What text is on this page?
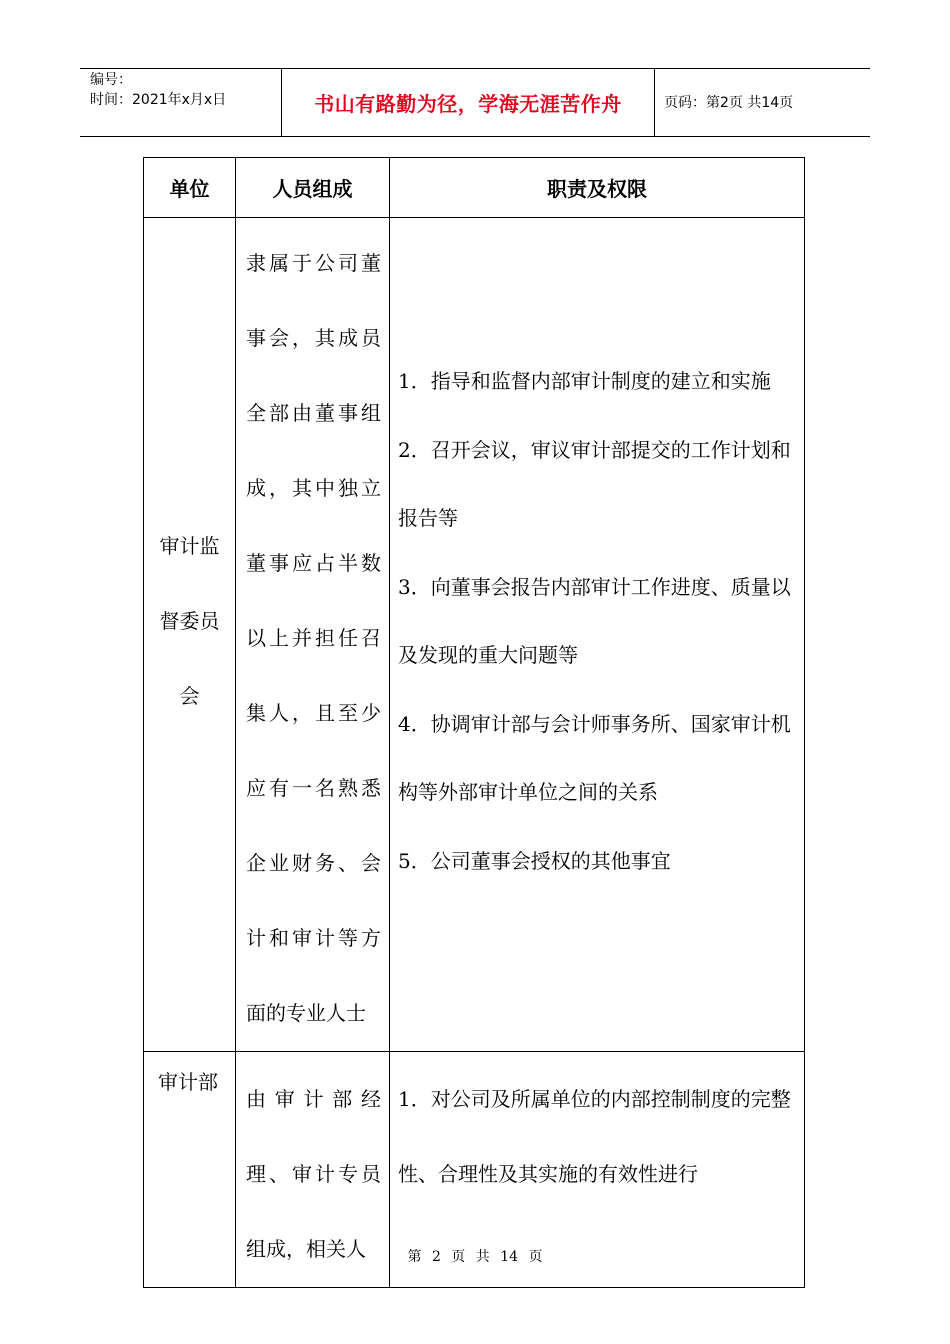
编号：
时间：2021年x月x日	书山有路勤为径，学海无涯苦作舟	页码：第2页 共14页
单位	人员组成	职责及权限

审计监督委员会	隶属于公司董事会，其成员全部由董事组成，其中独立董事应占半数以上并担任召集人，且至少应有一名熟悉企业财务、会计和审计等方面的专业人士	1．指导和监督内部审计制度的建立和实施
2．召开会议，审议审计部提交的工作计划和报告等
3．向董事会报告内部审计工作进度、质量以及发现的重大问题等
4．协调审计部与会计师事务所、国家审计机构等外部审计单位之间的关系
5．公司董事会授权的其他事宜

审计部	由审计部经理、审计专员组成，相关人	1．对公司及所属单位的内部控制制度的完整性、合理性及其实施的有效性进行
第 2 页 共 14 页
